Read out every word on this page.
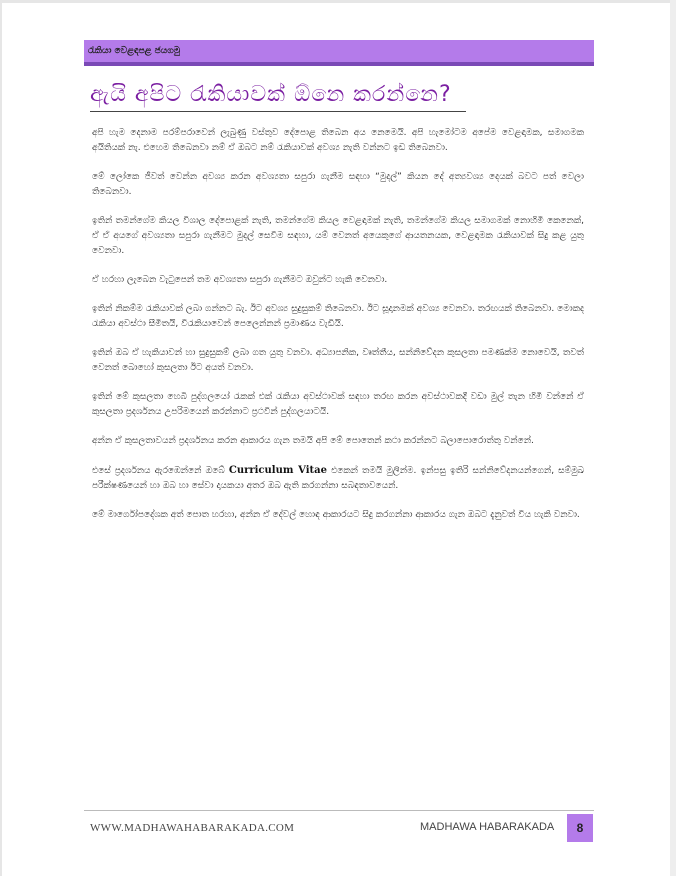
රැකියා වෙළඳපළ ජයගමු
ඇයි අපිට රැකියාවක් ඕනෙ කරන්නෙ?

අපි හැම දෙනාම පරම්පරාවෙන් ලැබුණු වස්තුව දේපොළ තිබෙන අය නෙමෙයි. අපි හැමෝටම අපේම වෙළඳාමක, සමාගමක අයිතියක් නැ. එහෙම තිබෙනවා නම් ඒ ඔබට නම් රැකියාවක් අවශ්‍ය නැති වන්නට ඉඩ තිබෙනවා.

මේ ලෝකෙ ජීවත් වෙන්න අවශ්‍ය කරන අවශ්‍යතා සපුරා ගැනීම සඳහා “මුදල්” කියන දේ අත්‍යවශ්‍ය දෙයක් බවට පත් වෙලා තිබෙනවා.

ඉතින් තමන්ගේම කියල විශාල දේපොළක් නැති, තමන්ගේම කියල වෙළඳාමක් නැති, තමන්ගේම කියල සමාගමක් නොහිමි කෙනෙක්, ඒ ඒ අයගේ අවශ්‍යතා සපුරා ගැනීමට මුදල් සෙවීම සඳහා, යම් වෙනත් අයෙකුගේ ආයතනයක, වෙළඳාමක රැකියාවක් සිදු කළ යුතු වෙනවා.

ඒ හරහා ලැබෙන වැටුපෙන් තම අවශ්‍යතා සපුරා ගැනීමට ඔවුන්ට හැකි වෙනවා.

ඉතින් නිකම්ම රැකියාවක් ලබා ගන්නට බැ. ඊට අවශ්‍ය සුදුසුකම් තිබෙනවා. ඊට සූදානමක් අවශ්‍ය වෙනවා. තරඟයක් තිබෙනවා. මොකද රැකියා අවස්ථා සීමිතයි, විරැකියාවෙන් පෙලෙන්නන් ප්‍රමාණය වැඩියි.

ඉතින් ඔබ ඒ හැකියාවන් හා සුදුසුකම් ලබා ගත යුතු වනවා. අධ්‍යාපනික, වෘත්තීය, සන්නිවේදන කුසලතා පමණක්ම නොවෙයි, තවත් වෙනත් බොහෝ කුසලතා ඊට අයත් වනවා.

ඉතින් මේ කුසලතා හෙබි පුද්ගලයෝ රැකක් එක් රැකියා අවස්ථාවක් සඳහා තරඟ කරන අවස්ථාවකදී වඩා මුල් තැන හිමි වන්නේ ඒ කුසලතා ප්‍රදර්ශනය උපරිමයෙන් කරන්නාට ප්‍රථවින් පුද්ගලයාටයි.

අන්න ඒ කුසලතාවයන් ප්‍රදර්ශනය කරන ආකාරය ගැන තමයි අපි මේ පොතෙන් කථා කරන්නට බලාපොරොත්තු වන්නේ.

එසේ ප්‍රදර්ශනය ඇරඹෙන්නේ ඔබේ Curriculum Vitae එකෙන් තමයි මුලින්ම. ඉන්පසු ඉතිරි සන්නිවේදනයන්ගෙන්, සම්මුඛ පරීක්ෂණයෙන් හා ඔබ හා සේවා දායකයා අතර ඔබ ඇති කරගන්නා සබඳතාවයෙන්.

මේ මාර්ගෝපදේශක අත් පොත හරහා, අන්න ඒ දේවල් හොඳ ආකාරයට සිදු කරගන්නා ආකාරය ගැන ඔබට දැනුවත් විය හැකි වනවා.

WWW.MADHAWAHABARAKADA.COM	MADHAWA HABARAKADA 8
